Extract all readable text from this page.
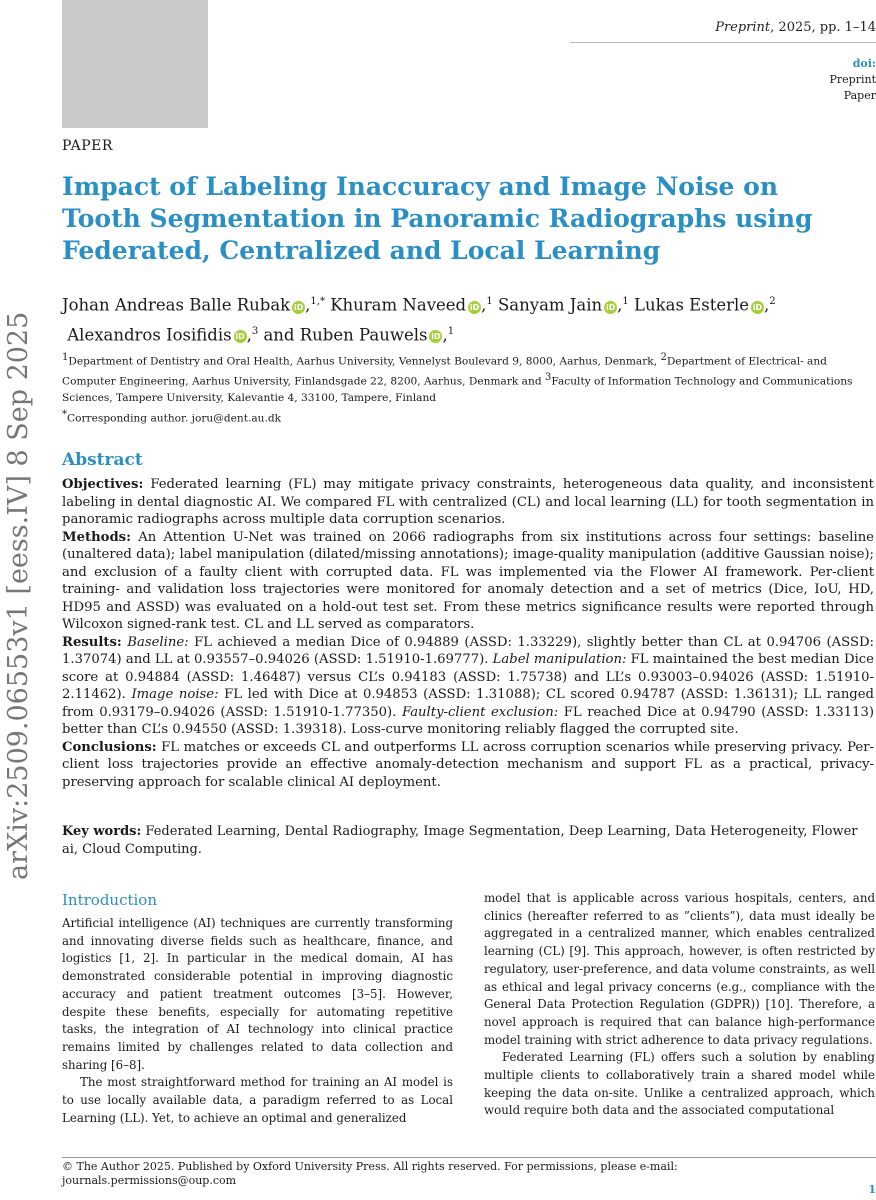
Preprint, 2025, pp. 1–14
doi:
Preprint
Paper
PAPER
Impact of Labeling Inaccuracy and Image Noise on Tooth Segmentation in Panoramic Radiographs using Federated, Centralized and Local Learning
Johan Andreas Balle Rubak iD ,$^{1,*}$ Khuram Naveed iD ,$^1$ Sanyam Jain iD ,$^1$ Lukas Esterle iD ,$^2$ Alexandros Iosifidis iD ,$^3$ and Ruben Pauwels iD ,$^1$
$^1$Department of Dentistry and Oral Health, Aarhus University, Vennelyst Boulevard 9, 8000, Aarhus, Denmark, $^2$Department of Electrical- and Computer Engineering, Aarhus University, Finlandsgade 22, 8200, Aarhus, Denmark and $^3$Faculty of Information Technology and Communications Sciences, Tampere University, Kalevantie 4, 33100, Tampere, Finland
*Corresponding author. joru@dent.au.dk
arXiv:2509.06553v1 [eess.IV] 8 Sep 2025	Abstract

Objectives: Federated learning (FL) may mitigate privacy constraints, heterogeneous data quality, and inconsistent labeling in dental diagnostic AI. We compared FL with centralized (CL) and local learning (LL) for tooth segmentation in panoramic radiographs across multiple data corruption scenarios.

Methods: An Attention U-Net was trained on 2066 radiographs from six institutions across four settings: baseline (unaltered data); label manipulation (dilated/missing annotations); image-quality manipulation (additive Gaussian noise); and exclusion of a faulty client with corrupted data. FL was implemented via the Flower AI framework. Per-client training- and validation loss trajectories were monitored for anomaly detection and a set of metrics (Dice, IoU, HD, HD95 and ASSD) was evaluated on a hold-out test set. From these metrics significance results were reported through Wilcoxon signed-rank test. CL and LL served as comparators.

Results: Baseline: FL achieved a median Dice of 0.94889 (ASSD: 1.33229), slightly better than CL at 0.94706 (ASSD: 1.37074) and LL at 0.93557–0.94026 (ASSD: 1.51910-1.69777). Label manipulation: FL maintained the best median Dice score at 0.94884 (ASSD: 1.46487) versus CL’s 0.94183 (ASSD: 1.75738) and LL’s 0.93003–0.94026 (ASSD: 1.51910-2.11462). Image noise: FL led with Dice at 0.94853 (ASSD: 1.31088); CL scored 0.94787 (ASSD: 1.36131); LL ranged from 0.93179–0.94026 (ASSD: 1.51910-1.77350). Faulty-client exclusion: FL reached Dice at 0.94790 (ASSD: 1.33113) better than CL’s 0.94550 (ASSD: 1.39318). Loss-curve monitoring reliably flagged the corrupted site.

Conclusions: FL matches or exceeds CL and outperforms LL across corruption scenarios while preserving privacy. Per-client loss trajectories provide an effective anomaly-detection mechanism and support FL as a practical, privacy-preserving approach for scalable clinical AI deployment.

Key words: Federated Learning, Dental Radiography, Image Segmentation, Deep Learning, Data Heterogeneity, Flower ai, Cloud Computing.
Introduction

Artificial intelligence (AI) techniques are currently transforming and innovating diverse fields such as healthcare, finance, and logistics [1, 2]. In particular in the medical domain, AI has demonstrated considerable potential in improving diagnostic accuracy and patient treatment outcomes [3–5]. However, despite these benefits, especially for automating repetitive tasks, the integration of AI technology into clinical practice remains limited by challenges related to data collection and sharing [6–8].

The most straightforward method for training an AI model is to use locally available data, a paradigm referred to as Local Learning (LL). Yet, to achieve an optimal and generalized

model that is applicable across various hospitals, centers, and clinics (hereafter referred to as ”clients”), data must ideally be aggregated in a centralized manner, which enables centralized learning (CL) [9]. This approach, however, is often restricted by regulatory, user-preference, and data volume constraints, as well as ethical and legal privacy concerns (e.g., compliance with the General Data Protection Regulation (GDPR)) [10]. Therefore, a novel approach is required that can balance high-performance model training with strict adherence to data privacy regulations.

Federated Learning (FL) offers such a solution by enabling multiple clients to collaboratively train a shared model while keeping the data on-site. Unlike a centralized approach, which would require both data and the associated computational

© The Author 2025. Published by Oxford University Press. All rights reserved. For permissions, please e-mail: journals.permissions@oup.com
1
